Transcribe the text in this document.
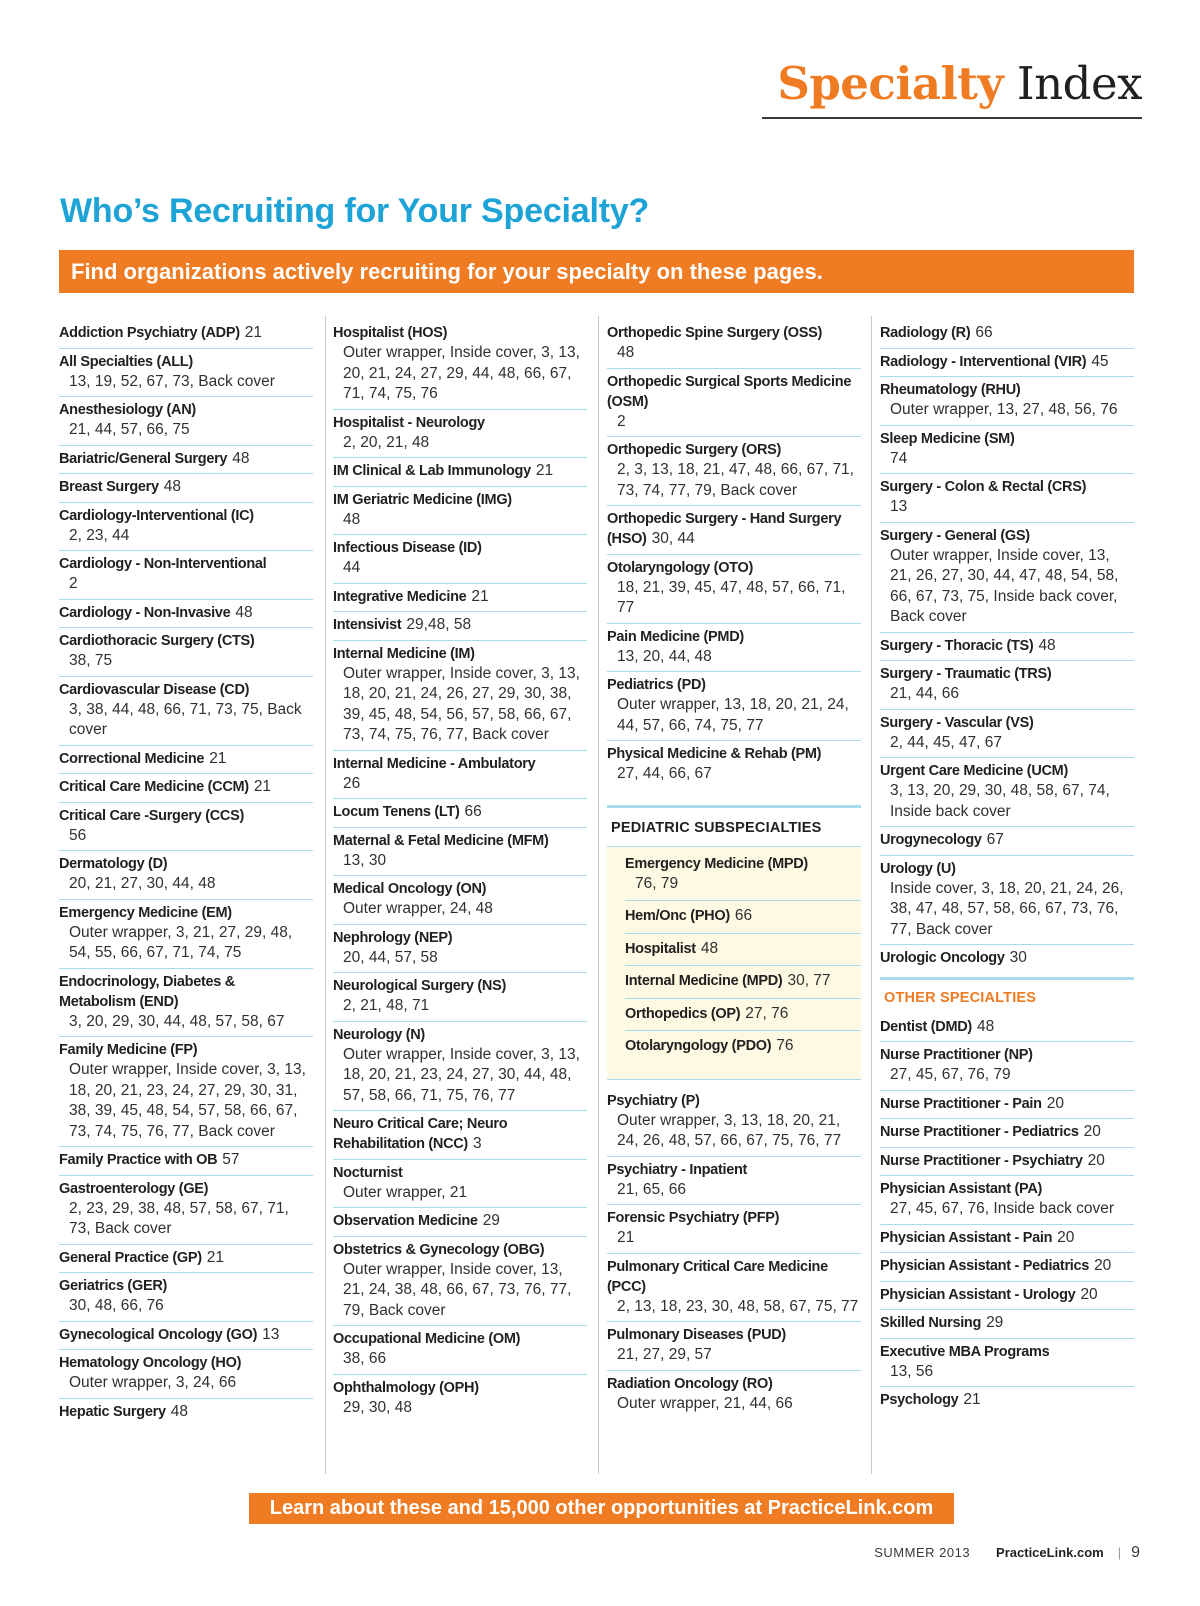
Specialty Index
Who’s Recruiting for Your Specialty?
Find organizations actively recruiting for your specialty on these pages.
Addiction Psychiatry (ADP) 21
All Specialties (ALL)
13, 19, 52, 67, 73, Back cover
Anesthesiology (AN)
21, 44, 57, 66, 75
Bariatric/General Surgery 48
Breast Surgery 48
Cardiology-Interventional (IC)
2, 23, 44
Cardiology - Non-Interventional
2
Cardiology - Non-Invasive 48
Cardiothoracic Surgery (CTS)
38, 75
Cardiovascular Disease (CD)
3, 38, 44, 48, 66, 71, 73, 75, Back cover
Correctional Medicine 21
Critical Care Medicine (CCM) 21
Critical Care -Surgery (CCS)
56
Dermatology (D)
20, 21, 27, 30, 44, 48
Emergency Medicine (EM)
Outer wrapper, 3, 21, 27, 29, 48, 54, 55, 66, 67, 71, 74, 75
Endocrinology, Diabetes & Metabolism (END)
3, 20, 29, 30, 44, 48, 57, 58, 67
Family Medicine (FP)
Outer wrapper, Inside cover, 3, 13, 18, 20, 21, 23, 24, 27, 29, 30, 31, 38, 39, 45, 48, 54, 57, 58, 66, 67, 73, 74, 75, 76, 77, Back cover
Family Practice with OB 57
Gastroenterology (GE)
2, 23, 29, 38, 48, 57, 58, 67, 71, 73, Back cover
General Practice (GP) 21
Geriatrics (GER)
30, 48, 66, 76
Gynecological Oncology (GO) 13
Hematology Oncology (HO)
Outer wrapper, 3, 24, 66
Hepatic Surgery 48
Hospitalist (HOS)
Outer wrapper, Inside cover, 3, 13, 20, 21, 24, 27, 29, 44, 48, 66, 67, 71, 74, 75, 76
Hospitalist - Neurology
2, 20, 21, 48
IM Clinical & Lab Immunology 21
IM Geriatric Medicine (IMG)
48
Infectious Disease (ID)
44
Integrative Medicine 21
Intensivist 29,48, 58
Internal Medicine (IM)
Outer wrapper, Inside cover, 3, 13, 18, 20, 21, 24, 26, 27, 29, 30, 38, 39, 45, 48, 54, 56, 57, 58, 66, 67, 73, 74, 75, 76, 77, Back cover
Internal Medicine - Ambulatory
26
Locum Tenens (LT) 66
Maternal & Fetal Medicine (MFM)
13, 30
Medical Oncology (ON)
Outer wrapper, 24, 48
Nephrology (NEP)
20, 44, 57, 58
Neurological Surgery (NS)
2, 21, 48, 71
Neurology (N)
Outer wrapper, Inside cover, 3, 13, 18, 20, 21, 23, 24, 27, 30, 44, 48, 57, 58, 66, 71, 75, 76, 77
Neuro Critical Care; Neuro Rehabilitation (NCC) 3
Nocturnist
Outer wrapper, 21
Observation Medicine 29
Obstetrics & Gynecology (OBG)
Outer wrapper, Inside cover, 13, 21, 24, 38, 48, 66, 67, 73, 76, 77, 79, Back cover
Occupational Medicine (OM)
38, 66
Ophthalmology (OPH)
29, 30, 48
Orthopedic Spine Surgery (OSS)
48
Orthopedic Surgical Sports Medicine (OSM)
2
Orthopedic Surgery (ORS)
2, 3, 13, 18, 21, 47, 48, 66, 67, 71, 73, 74, 77, 79, Back cover
Orthopedic Surgery - Hand Surgery (HSO) 30, 44
Otolaryngology (OTO)
18, 21, 39, 45, 47, 48, 57, 66, 71, 77
Pain Medicine (PMD)
13, 20, 44, 48
Pediatrics (PD)
Outer wrapper, 13, 18, 20, 21, 24, 44, 57, 66, 74, 75, 77
Physical Medicine & Rehab (PM)
27, 44, 66, 67
PEDIATRIC SUBSPECIALTIES
Emergency Medicine (MPD)
76, 79
Hem/Onc (PHO) 66
Hospitalist 48
Internal Medicine (MPD) 30, 77
Orthopedics (OP) 27, 76
Otolaryngology (PDO) 76
Psychiatry (P)
Outer wrapper, 3, 13, 18, 20, 21, 24, 26, 48, 57, 66, 67, 75, 76, 77
Psychiatry - Inpatient
21, 65, 66
Forensic Psychiatry (PFP)
21
Pulmonary Critical Care Medicine (PCC)
2, 13, 18, 23, 30, 48, 58, 67, 75, 77
Pulmonary Diseases (PUD)
21, 27, 29, 57
Radiation Oncology (RO)
Outer wrapper, 21, 44, 66
Radiology (R) 66
Radiology - Interventional (VIR) 45
Rheumatology (RHU)
Outer wrapper, 13, 27, 48, 56, 76
Sleep Medicine (SM)
74
Surgery - Colon & Rectal (CRS)
13
Surgery - General (GS)
Outer wrapper, Inside cover, 13, 21, 26, 27, 30, 44, 47, 48, 54, 58, 66, 67, 73, 75, Inside back cover, Back cover
Surgery - Thoracic (TS) 48
Surgery - Traumatic (TRS)
21, 44, 66
Surgery - Vascular (VS)
2, 44, 45, 47, 67
Urgent Care Medicine (UCM)
3, 13, 20, 29, 30, 48, 58, 67, 74, Inside back cover
Urogynecology 67
Urology (U)
Inside cover, 3, 18, 20, 21, 24, 26, 38, 47, 48, 57, 58, 66, 67, 73, 76, 77, Back cover
Urologic Oncology 30
OTHER SPECIALTIES
Dentist (DMD) 48
Nurse Practitioner (NP)
27, 45, 67, 76, 79
Nurse Practitioner - Pain 20
Nurse Practitioner - Pediatrics 20
Nurse Practitioner - Psychiatry 20
Physician Assistant (PA)
27, 45, 67, 76, Inside back cover
Physician Assistant - Pain 20
Physician Assistant - Pediatrics 20
Physician Assistant - Urology 20
Skilled Nursing 29
Executive MBA Programs
13, 56
Psychology 21
Learn about these and 15,000 other opportunities at PracticeLink.com
SUMMER 2013 PracticeLink.com | 9
